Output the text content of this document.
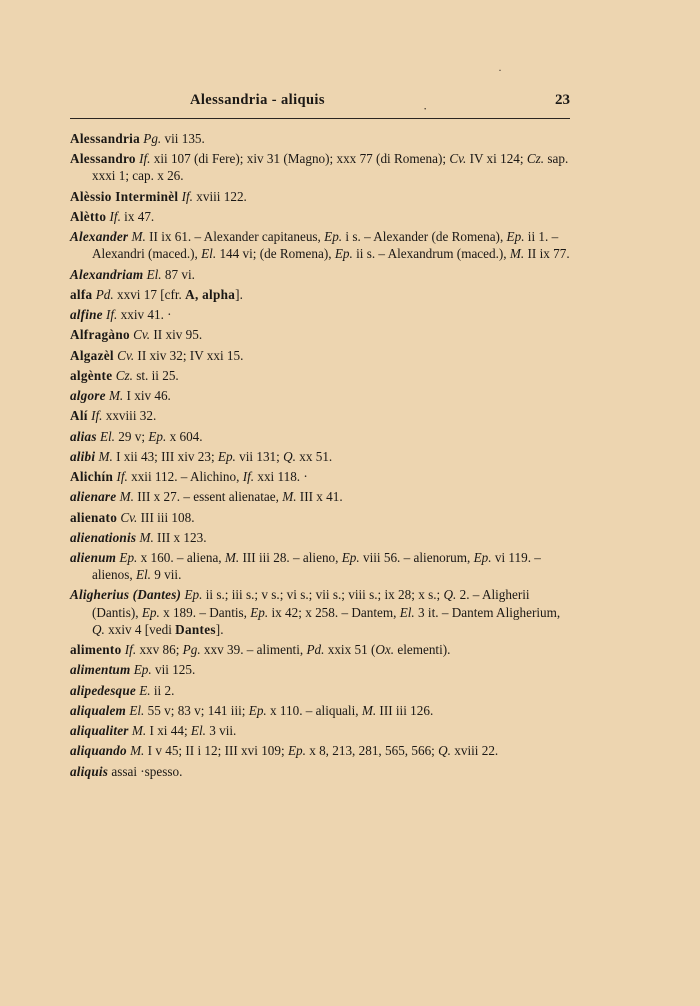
·
Alessandria - aliquis	23
·

Alessandria Pg. vii 135.

Alessandro If. xii 107 (di Fere); xiv 31 (Magno); xxx 77 (di Romena); Cv. IV xi 124; Cz. sap. xxxi 1; cap. x 26.

Alèssio Interminèl If. xviii 122.

Alètto If. ix 47.

Alexander M. II ix 61. – Alexander capitaneus, Ep. i s. – Alexander (de Romena), Ep. ii 1. – Alexandri (maced.), El. 144 vi; (de Romena), Ep. ii s. – Alexandrum (maced.), M. II ix 77.

Alexandriam El. 87 vi.

alfa Pd. xxvi 17 [cfr. A, alpha].

alfine If. xxiv 41. ·

Alfragàno Cv. II xiv 95.

Algazèl Cv. II xiv 32; IV xxi 15.

algènte Cz. st. ii 25.

algore M. I xiv 46.

Alí If. xxviii 32.

alias El. 29 v; Ep. x 604.

alibi M. I xii 43; III xiv 23; Ep. vii 131; Q. xx 51.

Alichín If. xxii 112. – Alichino, If. xxi 118. ·

alienare M. III x 27. – essent alienatae, M. III x 41.

alienato Cv. III iii 108.

alienationis M. III x 123.

alienum Ep. x 160. – aliena, M. III iii 28. – alieno, Ep. viii 56. – alienorum, Ep. vi 119. – alienos, El. 9 vii.

Aligherius (Dantes) Ep. ii s.; iii s.; v s.; vi s.; vii s.; viii s.; ix 28; x s.; Q. 2. – Aligherii (Dantis), Ep. x 189. – Dantis, Ep. ix 42; x 258. – Dantem, El. 3 it. – Dantem Aligherium, Q. xxiv 4 [vedi Dantes].

alimento If. xxv 86; Pg. xxv 39. – alimenti, Pd. xxix 51 (Ox. elementi).

alimentum Ep. vii 125.

alipedesque E. ii 2.

aliqualem El. 55 v; 83 v; 141 iii; Ep. x 110. – aliquali, M. III iii 126.

aliqualiter M. I xi 44; El. 3 vii.

aliquando M. I v 45; II i 12; III xvi 109; Ep. x 8, 213, 281, 565, 566; Q. xviii 22.

aliquis assai ·spesso.
